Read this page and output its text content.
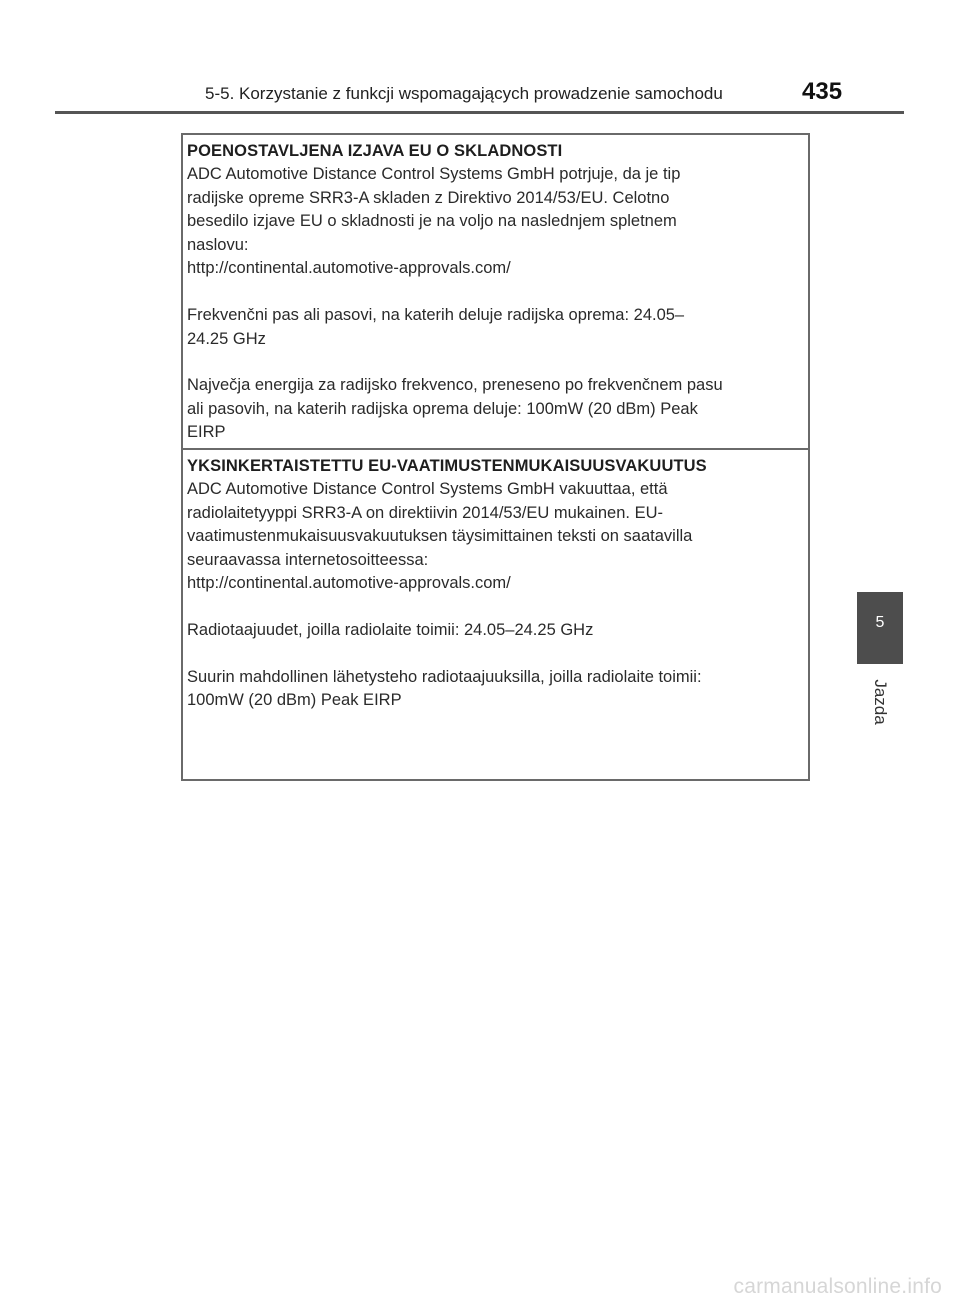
5-5. Korzystanie z funkcji wspomagających prowadzenie samochodu	435
5
Jazda
POENOSTAVLJENA IZJAVA EU O SKLADNOSTI

ADC Automotive Distance Control Systems GmbH potrjuje, da je tip

radijske opreme SRR3-A skladen z Direktivo 2014/53/EU. Celotno

besedilo izjave EU o skladnosti je na voljo na naslednjem spletnem

naslovu:

http://continental.automotive-approvals.com/

Frekvenčni pas ali pasovi, na katerih deluje radijska oprema: 24.05–

24.25 GHz

Največja energija za radijsko frekvenco, preneseno po frekvenčnem pasu

ali pasovih, na katerih radijska oprema deluje: 100mW (20 dBm) Peak

EIRP

YKSINKERTAISTETTU EU-VAATIMUSTENMUKAISUUSVAKUUTUS

ADC Automotive Distance Control Systems GmbH vakuuttaa, että

radiolaitetyyppi SRR3-A on direktiivin 2014/53/EU mukainen. EU-

vaatimustenmukaisuusvakuutuksen täysimittainen teksti on saatavilla

seuraavassa internetosoitteessa:

http://continental.automotive-approvals.com/

Radiotaajuudet, joilla radiolaite toimii: 24.05–24.25 GHz

Suurin mahdollinen lähetysteho radiotaajuuksilla, joilla radiolaite toimii:

100mW (20 dBm) Peak EIRP

carmanualsonline.info
